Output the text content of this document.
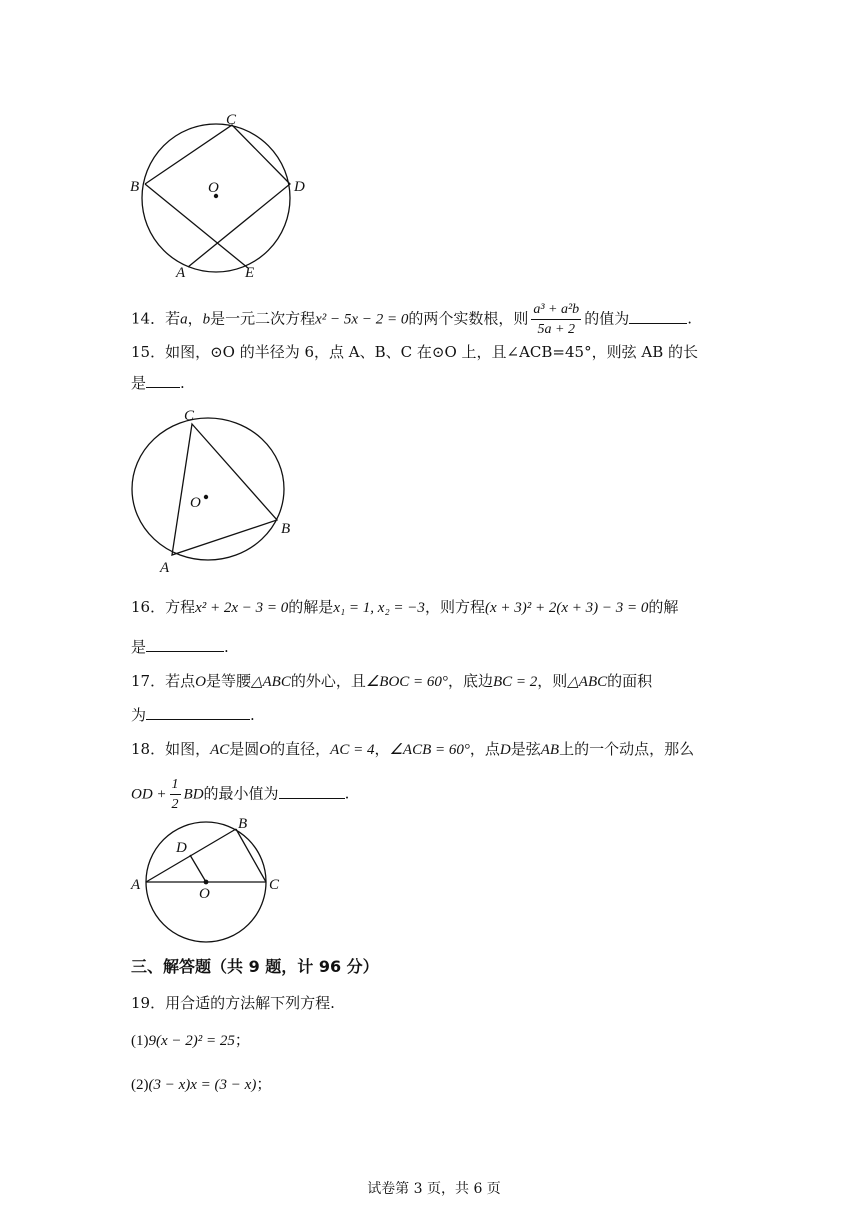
C
B	D
O
A	E
14．若a，b是一元二次方程x² − 5x − 2 = 0的两个实数根，则 $\frac{\text{a³ + a²b}}{5a + 2}$ 的值为	.
15．如图，⊙O 的半径为 6，点 A、B、C 在⊙O 上，且∠ACB=45°，则弦 AB 的长
是 .
C
O
B
A
16．方程x² + 2x − 3 = 0的解是x₁ = 1, x₂ = −3，则方程(x + 3)² + 2(x + 3) − 3 = 0的解
是	.
17．若点O是等腰△ABC的外心，且∠BOC = 60°，底边BC = 2，则△ABC的面积
为	.
18．如图，AC是圆O的直径，AC = 4，∠ACB = 60°，点D是弦AB上的一个动点，那么
OD + $\frac{1}{2}$ BD的最小值为	.
B
D
A
O
C
三、解答题（共 9 题，计 96 分）
19．用合适的方法解下列方程.
(1)9(x − 2)² = 25；
(2)(3 − x)x = (3 − x)；
试卷第 3 页，共 6 页
